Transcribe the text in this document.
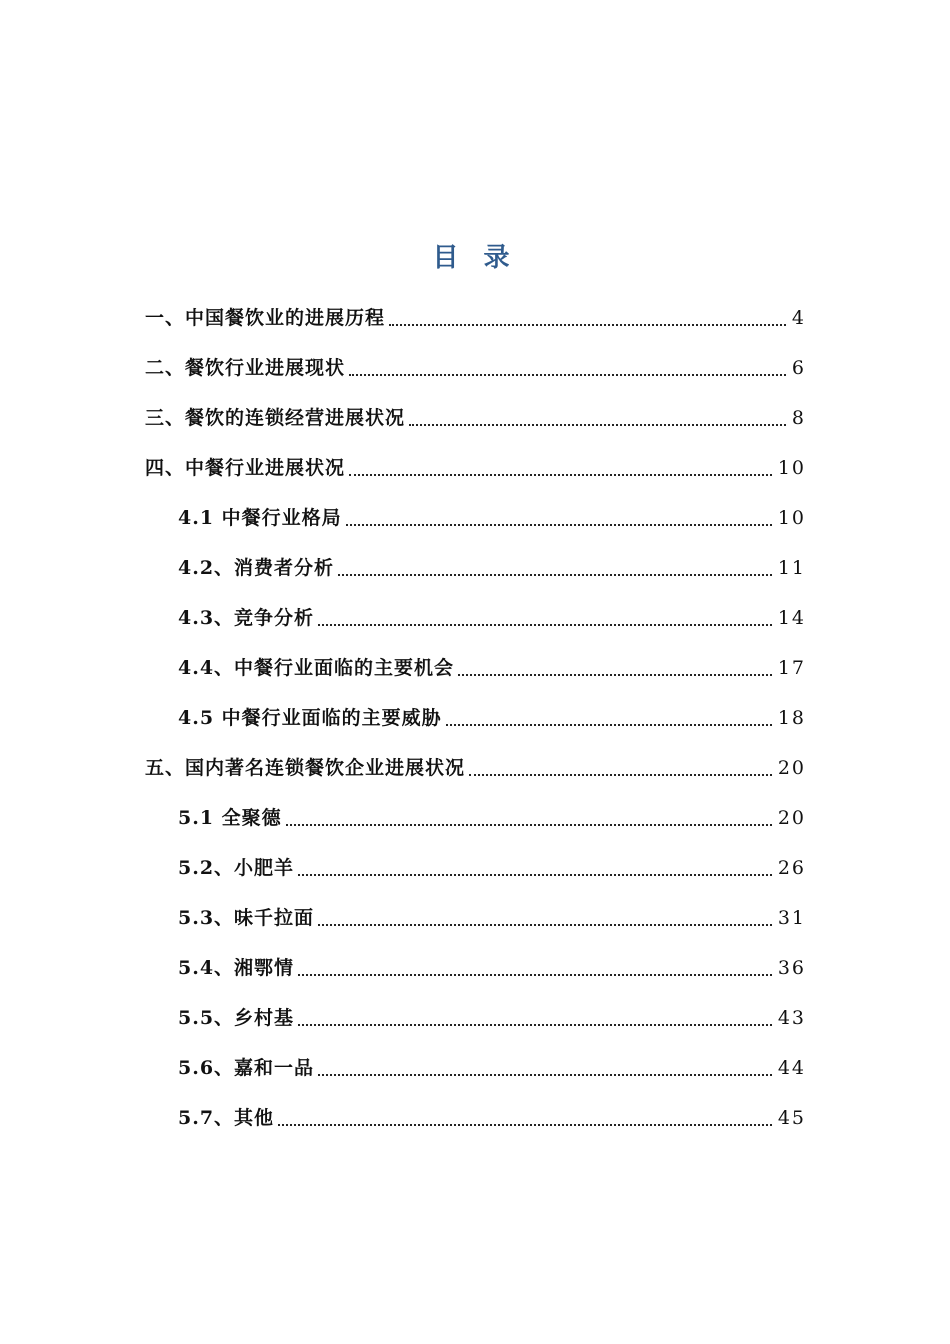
目 录
一、中国餐饮业的进展历程	4
二、餐饮行业进展现状	6
三、餐饮的连锁经营进展状况	8
四、中餐行业进展状况	10
4.1 中餐行业格局	10
4.2、消费者分析	11
4.3、竞争分析	14
4.4、中餐行业面临的主要机会	17
4.5 中餐行业面临的主要威胁	18
五、国内著名连锁餐饮企业进展状况	20
5.1 全聚德	20
5.2、小肥羊	26
5.3、味千拉面	31
5.4、湘鄂情	36
5.5、乡村基	43
5.6、嘉和一品	44
5.7、其他	45
